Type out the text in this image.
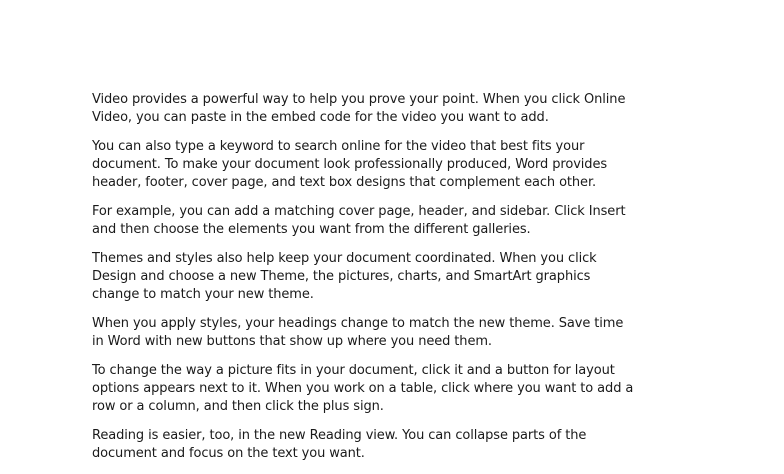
Video provides a powerful way to help you prove your point. When you click Online
Video, you can paste in the embed code for the video you want to add.

You can also type a keyword to search online for the video that best fits your
document. To make your document look professionally produced, Word provides
header, footer, cover page, and text box designs that complement each other.

For example, you can add a matching cover page, header, and sidebar. Click Insert
and then choose the elements you want from the different galleries.

Themes and styles also help keep your document coordinated. When you click
Design and choose a new Theme, the pictures, charts, and SmartArt graphics
change to match your new theme.

When you apply styles, your headings change to match the new theme. Save time
in Word with new buttons that show up where you need them.

To change the way a picture fits in your document, click it and a button for layout
options appears next to it. When you work on a table, click where you want to add a
row or a column, and then click the plus sign.

Reading is easier, too, in the new Reading view. You can collapse parts of the
document and focus on the text you want.
